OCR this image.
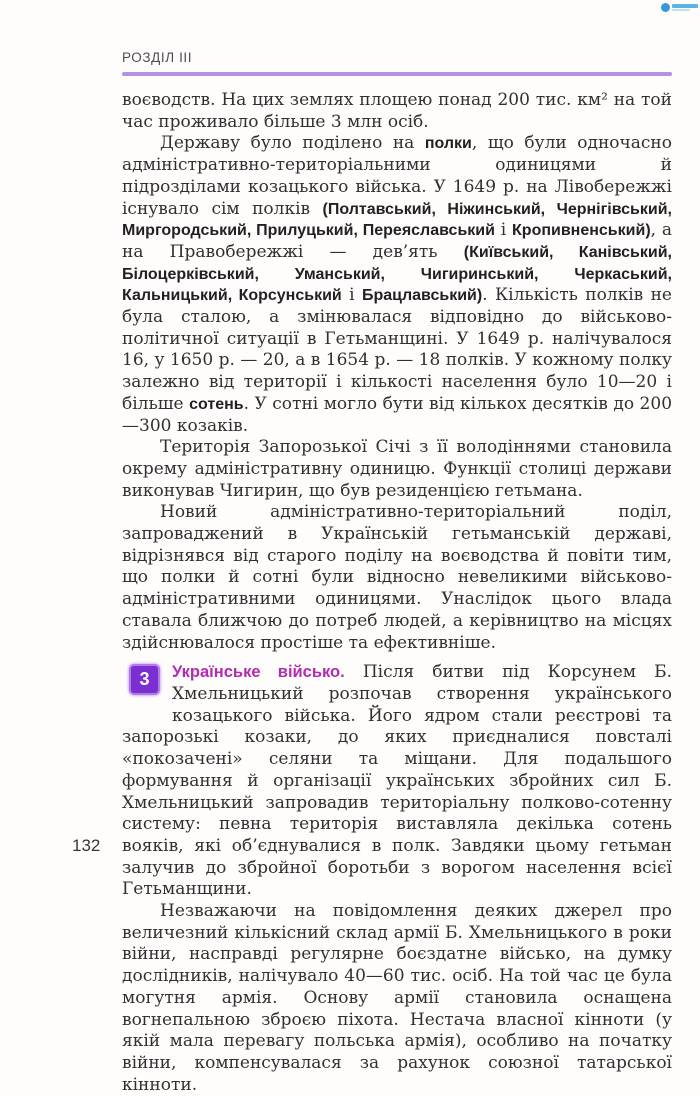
РОЗДІЛ III

воєводств. На цих землях площею понад 200 тис. км² на той час проживало більше 3 млн осіб.

Державу було поділено на полки, що були одночасно адміністративно-територіальними одиницями й підрозділами козацького війська. У 1649 р. на Лівобережжі існувало сім полків (Полтавський, Ніжинський, Чернігівський, Миргородський, Прилуцький, Переяславський і Кропивненський), а на Правобережжі — дев’ять (Київський, Канівський, Білоцерківський, Уманський, Чигиринський, Черкаський, Кальницький, Корсунський і Брацлавський). Кількість полків не була сталою, а змінювалася відповідно до військово-політичної ситуації в Гетьманщині. У 1649 р. налічувалося 16, у 1650 р. — 20, а в 1654 р. — 18 полків. У кожному полку залежно від території і кількості населення було 10—20 і більше сотень. У сотні могло бути від кількох десятків до 200—300 козаків.

Територія Запорозької Січі з її володіннями становила окрему адміністративну одиницю. Функції столиці держави виконував Чигирин, що був резиденцією гетьмана.

Новий адміністративно-територіальний поділ, запроваджений в Українській гетьманській державі, відрізнявся від старого поділу на воєводства й повіти тим, що полки й сотні були відносно невеликими військово-адміністративними одиницями. Унаслідок цього влада ставала ближчою до потреб людей, а керівництво на місцях здійснювалося простіше та ефективніше.

3	Українське військо. Після битви під Корсунем Б. Хмельницький розпочав створення українського козацького війська. Його ядром стали реєстрові та запорозькі козаки, до яких приєдналися повсталі «покозачені» селяни та міщани. Для подальшого формування й організації українських збройних сил Б. Хмельницький запровадив територіальну полково-сотенну систему: певна територія виставляла декілька сотень вояків, які об’єднувалися в полк. Завдяки цьому гетьман залучив до збройної боротьби з ворогом населення всієї Гетьманщини.

Незважаючи на повідомлення деяких джерел про величезний кількісний склад армії Б. Хмельницького в роки війни, насправді регулярне боєздатне військо, на думку дослідників, налічувало 40—60 тис. осіб. На той час це була могутня армія. Основу армії становила оснащена вогнепальною зброєю піхота. Нестача власної кінноти (у якій мала перевагу польська армія), особливо на початку війни, компенсувалася за рахунок союзної татарської кінноти.

132
